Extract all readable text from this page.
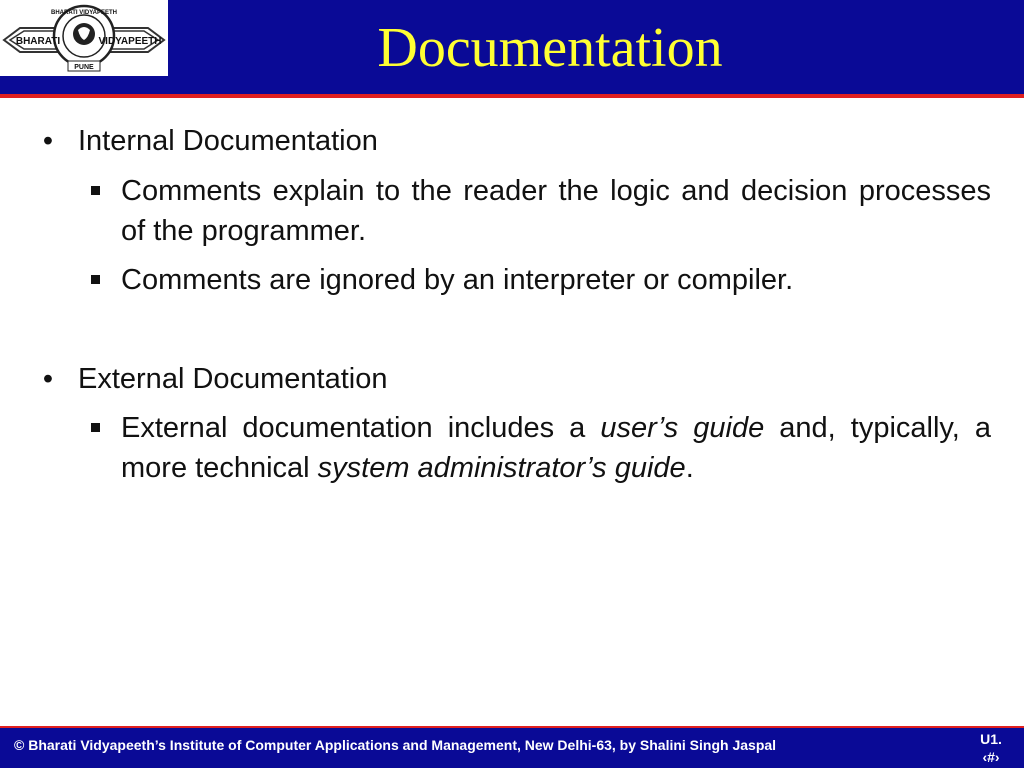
BHARATI	VIDYAPEETH
BHARATI VIDYAPEETH
PUNE	Documentation
• Internal Documentation
Comments explain to the reader the logic and decision processes of the programmer.
Comments are ignored by an interpreter or compiler.
• External Documentation
External documentation includes a user’s guide and, typically, a more technical system administrator’s guide.
© Bharati Vidyapeeth’s Institute of Computer Applications and Management, New Delhi-63, by Shalini Singh Jaspal	U1.
‹#›
